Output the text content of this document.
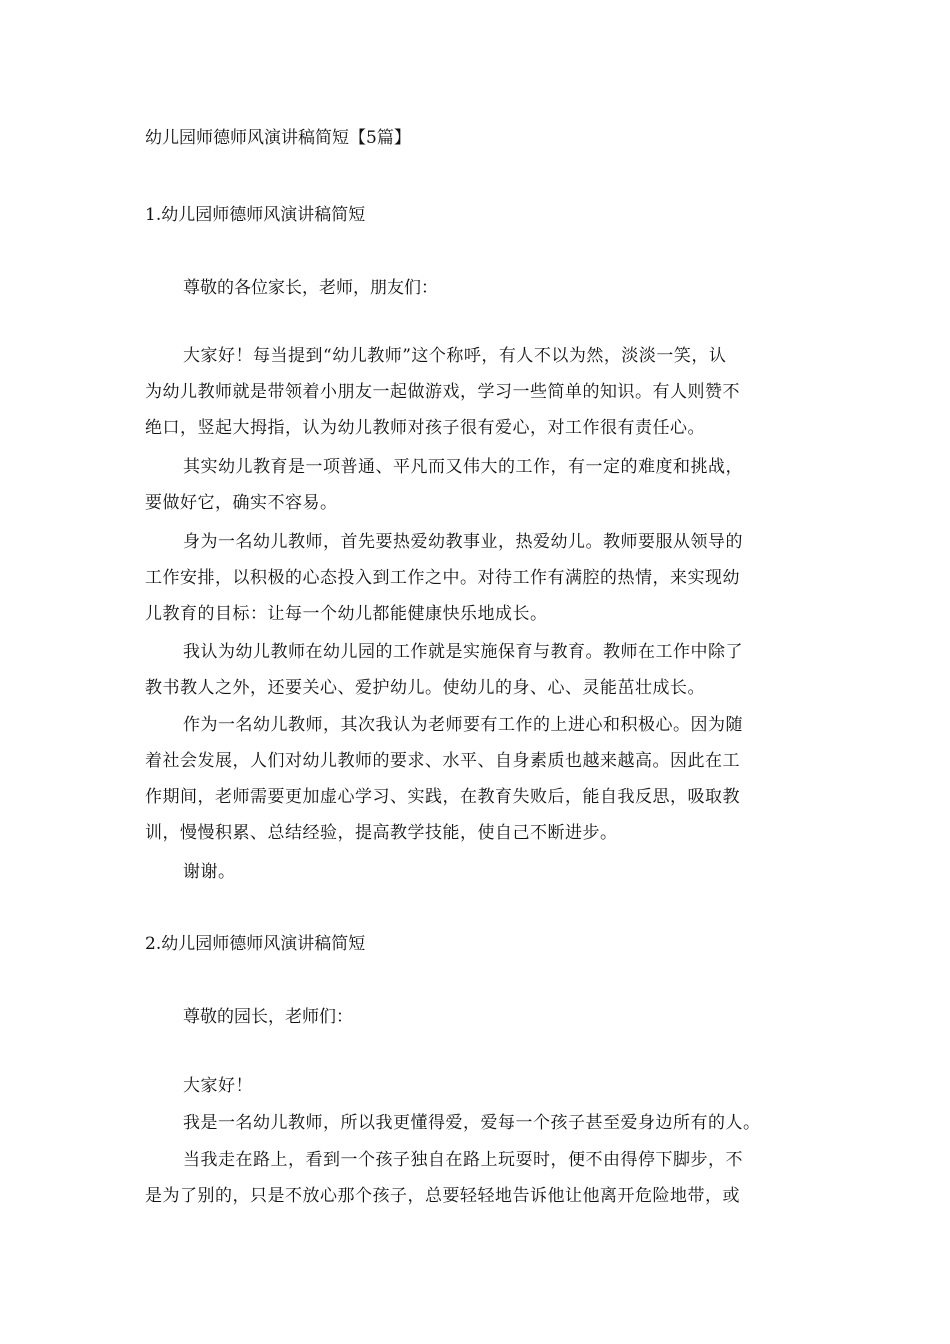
幼儿园师德师风演讲稿简短【5篇】
1.幼儿园师德师风演讲稿简短
尊敬的各位家长，老师，朋友们：
大家好！每当提到“幼儿教师”这个称呼，有人不以为然，淡淡一笑，认
为幼儿教师就是带领着小朋友一起做游戏，学习一些简单的知识。有人则赞不
绝口，竖起大拇指，认为幼儿教师对孩子很有爱心，对工作很有责任心。
其实幼儿教育是一项普通、平凡而又伟大的工作，有一定的难度和挑战，
要做好它，确实不容易。
身为一名幼儿教师，首先要热爱幼教事业，热爱幼儿。教师要服从领导的
工作安排，以积极的心态投入到工作之中。对待工作有满腔的热情，来实现幼
儿教育的目标：让每一个幼儿都能健康快乐地成长。
我认为幼儿教师在幼儿园的工作就是实施保育与教育。教师在工作中除了
教书教人之外，还要关心、爱护幼儿。使幼儿的身、心、灵能茁壮成长。
作为一名幼儿教师，其次我认为老师要有工作的上进心和积极心。因为随
着社会发展，人们对幼儿教师的要求、水平、自身素质也越来越高。因此在工
作期间，老师需要更加虚心学习、实践，在教育失败后，能自我反思，吸取教
训，慢慢积累、总结经验，提高教学技能，使自己不断进步。
谢谢。
2.幼儿园师德师风演讲稿简短
尊敬的园长，老师们：
大家好！
我是一名幼儿教师，所以我更懂得爱，爱每一个孩子甚至爱身边所有的人。
当我走在路上，看到一个孩子独自在路上玩耍时，便不由得停下脚步，不
是为了别的，只是不放心那个孩子，总要轻轻地告诉他让他离开危险地带，或
